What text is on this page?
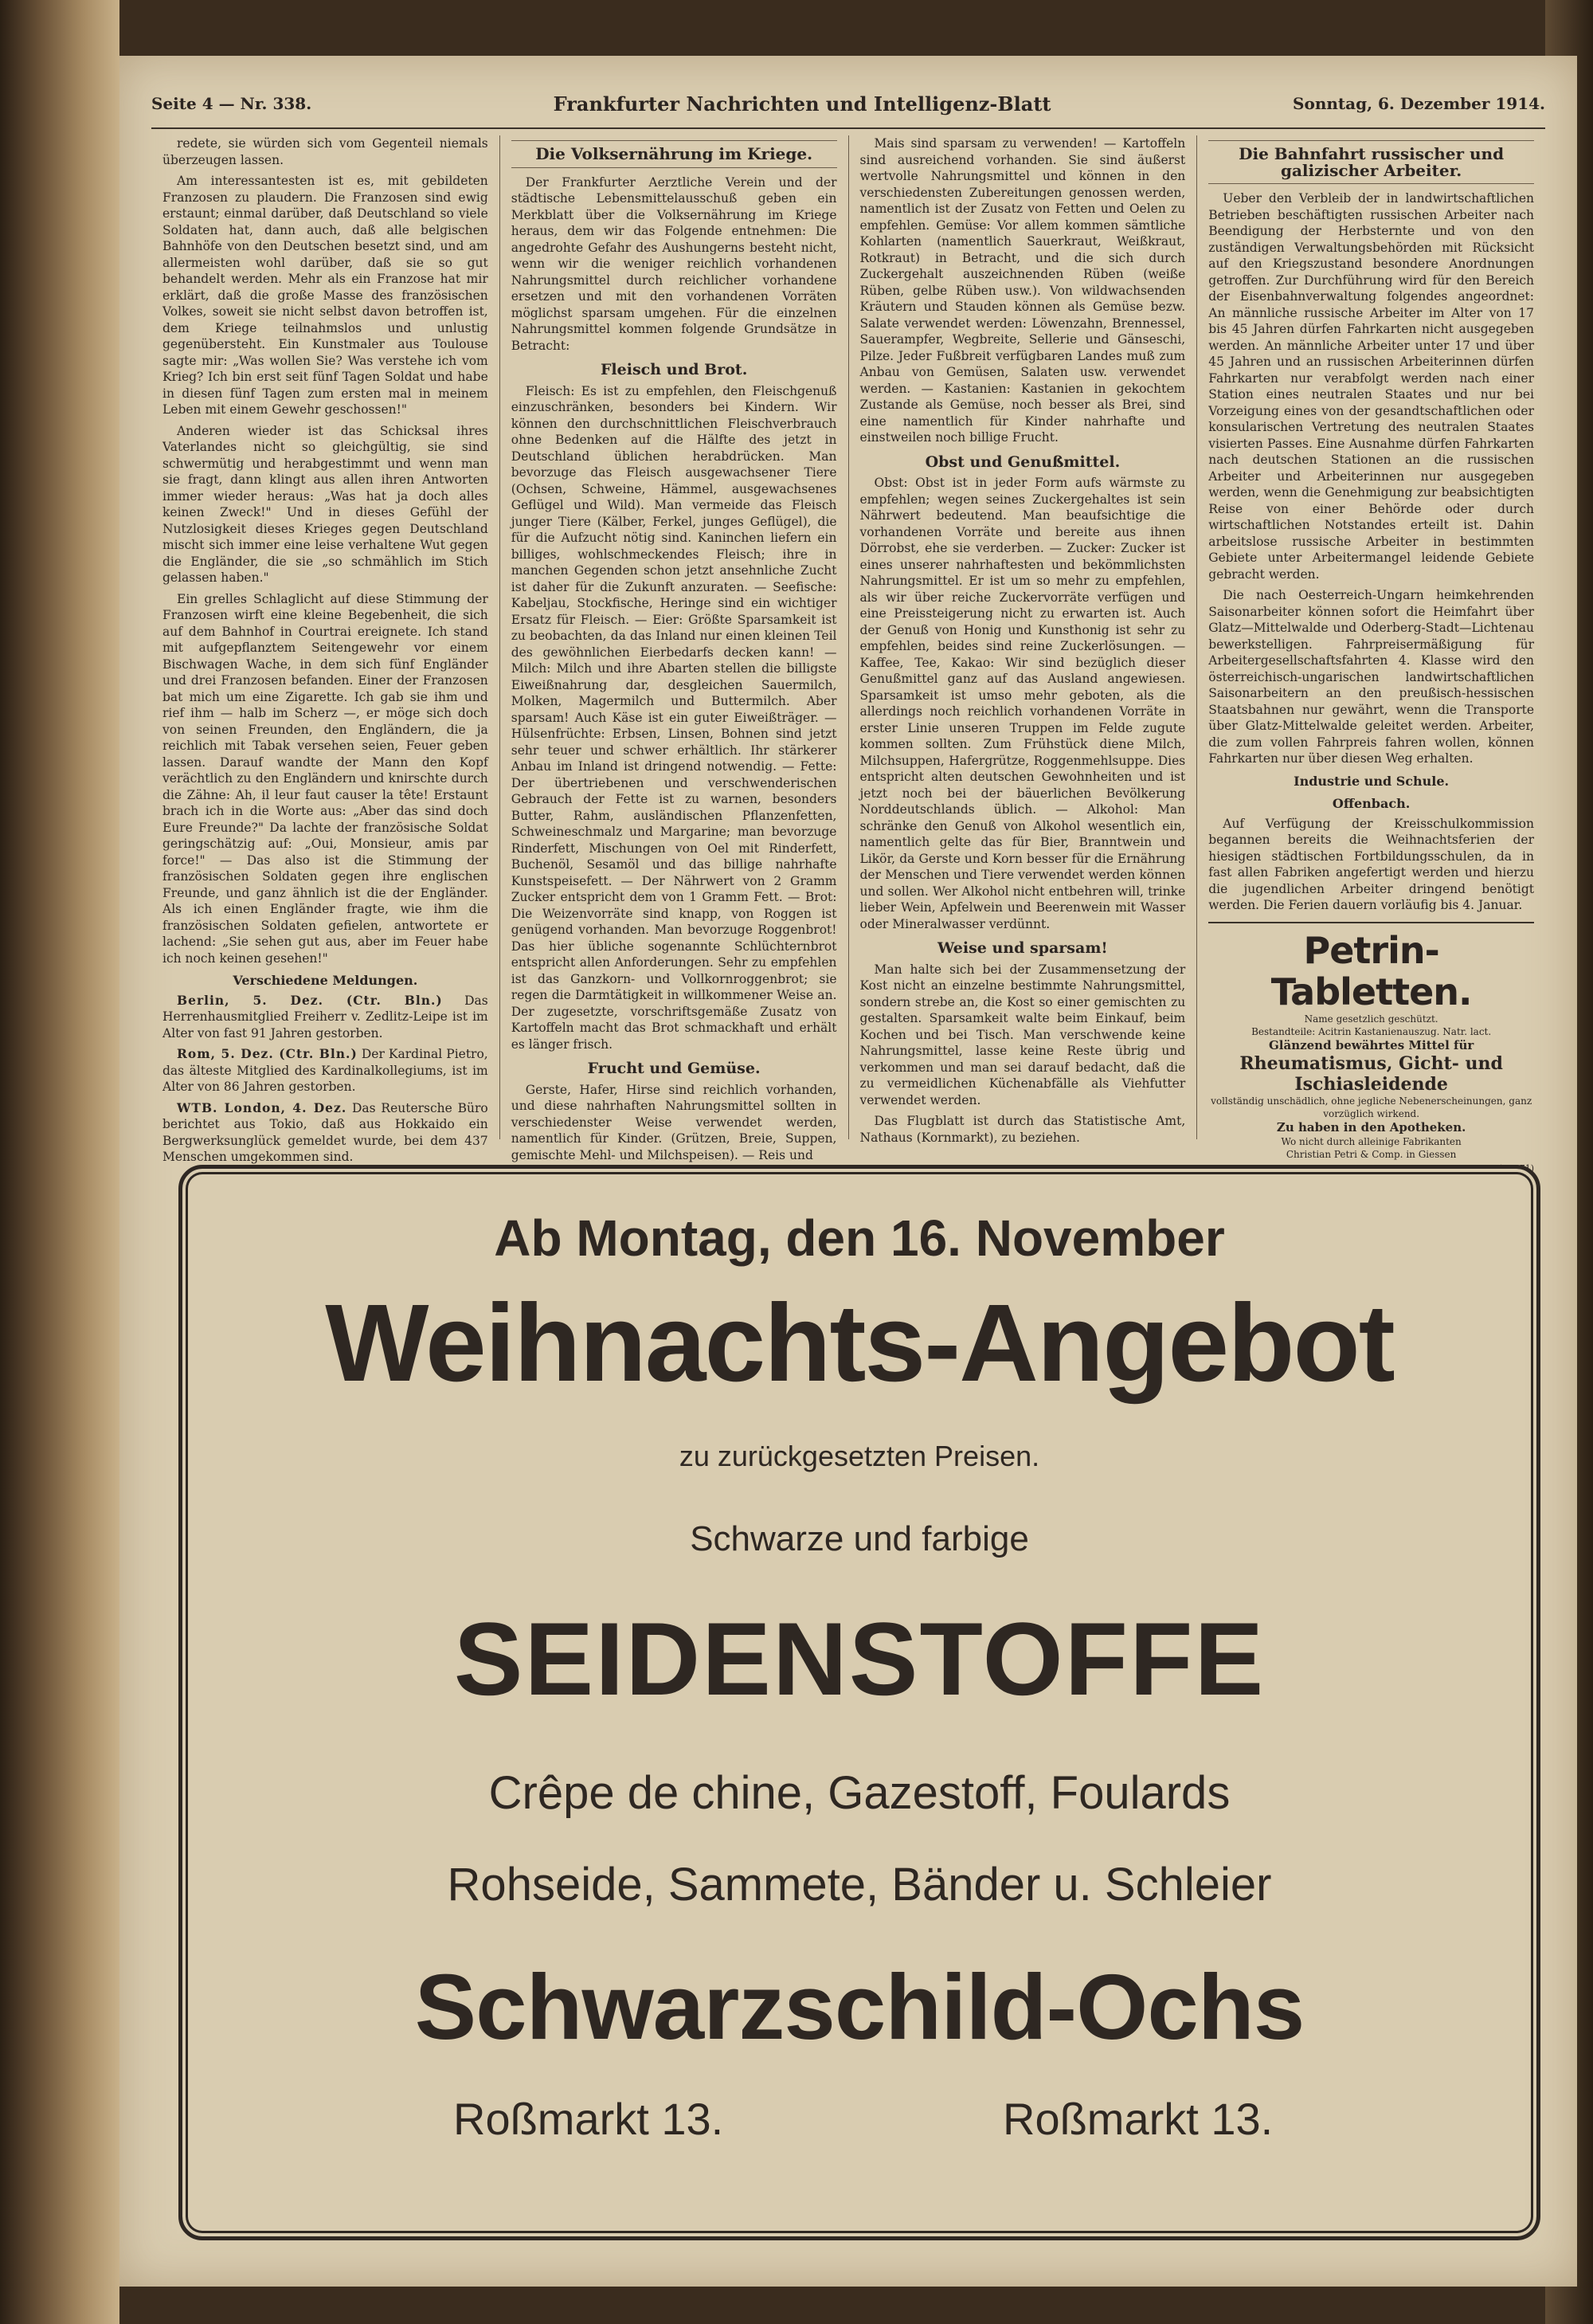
Seite 4 — Nr. 338.	Frankfurter Nachrichten und Intelligenz-Blatt	Sonntag, 6. Dezember 1914.

redete, sie würden sich vom Gegenteil niemals überzeugen lassen.

Am interessantesten ist es, mit gebildeten Franzosen zu plaudern. Die Franzosen sind ewig erstaunt; einmal darüber, daß Deutschland so viele Soldaten hat, dann auch, daß alle belgischen Bahnhöfe von den Deutschen besetzt sind, und am allermeisten wohl darüber, daß sie so gut behandelt werden. Mehr als ein Franzose hat mir erklärt, daß die große Masse des französischen Volkes, soweit sie nicht selbst davon betroffen ist, dem Kriege teilnahmslos und unlustig gegenübersteht. Ein Kunstmaler aus Toulouse sagte mir: „Was wollen Sie? Was verstehe ich vom Krieg? Ich bin erst seit fünf Tagen Soldat und habe in diesen fünf Tagen zum ersten mal in meinem Leben mit einem Gewehr geschossen!"

Anderen wieder ist das Schicksal ihres Vaterlandes nicht so gleichgültig, sie sind schwermütig und herabgestimmt und wenn man sie fragt, dann klingt aus allen ihren Antworten immer wieder heraus: „Was hat ja doch alles keinen Zweck!" Und in dieses Gefühl der Nutzlosigkeit dieses Krieges gegen Deutschland mischt sich immer eine leise verhaltene Wut gegen die Engländer, die sie „so schmählich im Stich gelassen haben."

Ein grelles Schlaglicht auf diese Stimmung der Franzosen wirft eine kleine Begebenheit, die sich auf dem Bahnhof in Courtrai ereignete. Ich stand mit aufgepflanztem Seitengewehr vor einem Bischwagen Wache, in dem sich fünf Engländer und drei Franzosen befanden. Einer der Franzosen bat mich um eine Zigarette. Ich gab sie ihm und rief ihm — halb im Scherz —, er möge sich doch von seinen Freunden, den Engländern, die ja reichlich mit Tabak versehen seien, Feuer geben lassen. Darauf wandte der Mann den Kopf verächtlich zu den Engländern und knirschte durch die Zähne: Ah, il leur faut causer la tête! Erstaunt brach ich in die Worte aus: „Aber das sind doch Eure Freunde?" Da lachte der französische Soldat geringschätzig auf: „Oui, Monsieur, amis par force!" — Das also ist die Stimmung der französischen Soldaten gegen ihre englischen Freunde, und ganz ähnlich ist die der Engländer. Als ich einen Engländer fragte, wie ihm die französischen Soldaten gefielen, antwortete er lachend: „Sie sehen gut aus, aber im Feuer habe ich noch keinen gesehen!"

Verschiedene Meldungen.
Berlin, 5. Dez. (Ctr. Bln.) Das Herrenhausmitglied Freiherr v. Zedlitz-Leipe ist im Alter von fast 91 Jahren gestorben.
Rom, 5. Dez. (Ctr. Bln.) Der Kardinal Pietro, das älteste Mitglied des Kardinalkollegiums, ist im Alter von 86 Jahren gestorben.
WTB. London, 4. Dez. Das Reutersche Büro berichtet aus Tokio, daß aus Hokkaido ein Bergwerksunglück gemeldet wurde, bei dem 437 Menschen umgekommen sind.
Die Volksernährung im Kriege.

Der Frankfurter Aerztliche Verein und der städtische Lebensmittelausschuß geben ein Merkblatt über die Volksernährung im Kriege heraus, dem wir das Folgende entnehmen: Die angedrohte Gefahr des Aushungerns besteht nicht, wenn wir die weniger reichlich vorhandenen Nahrungsmittel durch reichlicher vorhandene ersetzen und mit den vorhandenen Vorräten möglichst sparsam umgehen. Für die einzelnen Nahrungsmittel kommen folgende Grundsätze in Betracht:

Fleisch und Brot.

Fleisch: Es ist zu empfehlen, den Fleischgenuß einzuschränken, besonders bei Kindern. Wir können den durchschnittlichen Fleischverbrauch ohne Bedenken auf die Hälfte des jetzt in Deutschland üblichen herabdrücken. Man bevorzuge das Fleisch ausgewachsener Tiere (Ochsen, Schweine, Hämmel, ausgewachsenes Geflügel und Wild). Man vermeide das Fleisch junger Tiere (Kälber, Ferkel, junges Geflügel), die für die Aufzucht nötig sind. Kaninchen liefern ein billiges, wohlschmeckendes Fleisch; ihre in manchen Gegenden schon jetzt ansehnliche Zucht ist daher für die Zukunft anzuraten. — Seefische: Kabeljau, Stockfische, Heringe sind ein wichtiger Ersatz für Fleisch. — Eier: Größte Sparsamkeit ist zu beobachten, da das Inland nur einen kleinen Teil des gewöhnlichen Eierbedarfs decken kann! — Milch: Milch und ihre Abarten stellen die billigste Eiweißnahrung dar, desgleichen Sauermilch, Molken, Magermilch und Buttermilch. Aber sparsam! Auch Käse ist ein guter Eiweißträger. — Hülsenfrüchte: Erbsen, Linsen, Bohnen sind jetzt sehr teuer und schwer erhältlich. Ihr stärkerer Anbau im Inland ist dringend notwendig. — Fette: Der übertriebenen und verschwenderischen Gebrauch der Fette ist zu warnen, besonders Butter, Rahm, ausländischen Pflanzenfetten, Schweineschmalz und Margarine; man bevorzuge Rinderfett, Mischungen von Oel mit Rinderfett, Buchenöl, Sesamöl und das billige nahrhafte Kunstspeisefett. — Der Nährwert von 2 Gramm Zucker entspricht dem von 1 Gramm Fett. — Brot: Die Weizenvorräte sind knapp, von Roggen ist genügend vorhanden. Man bevorzuge Roggenbrot! Das hier übliche sogenannte Schlüchternbrot entspricht allen Anforderungen. Sehr zu empfehlen ist das Ganzkorn- und Vollkornroggenbrot; sie regen die Darmtätigkeit in willkommener Weise an. Der zugesetzte, vorschriftsgemäße Zusatz von Kartoffeln macht das Brot schmackhaft und erhält es länger frisch.

Frucht und Gemüse.

Gerste, Hafer, Hirse sind reichlich vorhanden, und diese nahrhaften Nahrungsmittel sollten in verschiedenster Weise verwendet werden, namentlich für Kinder. (Grützen, Breie, Suppen, gemischte Mehl- und Milchspeisen). — Reis und

Mais sind sparsam zu verwenden! — Kartoffeln sind ausreichend vorhanden. Sie sind äußerst wertvolle Nahrungsmittel und können in den verschiedensten Zubereitungen genossen werden, namentlich ist der Zusatz von Fetten und Oelen zu empfehlen. Gemüse: Vor allem kommen sämtliche Kohlarten (namentlich Sauerkraut, Weißkraut, Rotkraut) in Betracht, und die sich durch Zuckergehalt auszeichnenden Rüben (weiße Rüben, gelbe Rüben usw.). Von wildwachsenden Kräutern und Stauden können als Gemüse bezw. Salate verwendet werden: Löwenzahn, Brennessel, Sauerampfer, Wegbreite, Sellerie und Gänseschi, Pilze. Jeder Fußbreit verfügbaren Landes muß zum Anbau von Gemüsen, Salaten usw. verwendet werden. — Kastanien: Kastanien in gekochtem Zustande als Gemüse, noch besser als Brei, sind eine namentlich für Kinder nahrhafte und einstweilen noch billige Frucht.

Obst und Genußmittel.

Obst: Obst ist in jeder Form aufs wärmste zu empfehlen; wegen seines Zuckergehaltes ist sein Nährwert bedeutend. Man beaufsichtige die vorhandenen Vorräte und bereite aus ihnen Dörrobst, ehe sie verderben. — Zucker: Zucker ist eines unserer nahrhaftesten und bekömmlichsten Nahrungsmittel. Er ist um so mehr zu empfehlen, als wir über reiche Zuckervorräte verfügen und eine Preissteigerung nicht zu erwarten ist. Auch der Genuß von Honig und Kunsthonig ist sehr zu empfehlen, beides sind reine Zuckerlösungen. — Kaffee, Tee, Kakao: Wir sind bezüglich dieser Genußmittel ganz auf das Ausland angewiesen. Sparsamkeit ist umso mehr geboten, als die allerdings noch reichlich vorhandenen Vorräte in erster Linie unseren Truppen im Felde zugute kommen sollten. Zum Frühstück diene Milch, Milchsuppen, Hafergrütze, Roggenmehlsuppe. Dies entspricht alten deutschen Gewohnheiten und ist jetzt noch bei der bäuerlichen Bevölkerung Norddeutschlands üblich. — Alkohol: Man schränke den Genuß von Alkohol wesentlich ein, namentlich gelte das für Bier, Branntwein und Likör, da Gerste und Korn besser für die Ernährung der Menschen und Tiere verwendet werden können und sollen. Wer Alkohol nicht entbehren will, trinke lieber Wein, Apfelwein und Beerenwein mit Wasser oder Mineralwasser verdünnt.

Weise und sparsam!

Man halte sich bei der Zusammensetzung der Kost nicht an einzelne bestimmte Nahrungsmittel, sondern strebe an, die Kost so einer gemischten zu gestalten. Sparsamkeit walte beim Einkauf, beim Kochen und bei Tisch. Man verschwende keine Nahrungsmittel, lasse keine Reste übrig und verkommen und man sei darauf bedacht, daß die zu vermeidlichen Küchenabfälle als Viehfutter verwendet werden.

Das Flugblatt ist durch das Statistische Amt, Nathaus (Kornmarkt), zu beziehen.

Die Bahnfahrt russischer und galizischer Arbeiter.

Ueber den Verbleib der in landwirtschaftlichen Betrieben beschäftigten russischen Arbeiter nach Beendigung der Herbsternte und von den zuständigen Verwaltungsbehörden mit Rücksicht auf den Kriegszustand besondere Anordnungen getroffen. Zur Durchführung wird für den Bereich der Eisenbahnverwaltung folgendes angeordnet: An männliche russische Arbeiter im Alter von 17 bis 45 Jahren dürfen Fahrkarten nicht ausgegeben werden. An männliche Arbeiter unter 17 und über 45 Jahren und an russischen Arbeiterinnen dürfen Fahrkarten nur verabfolgt werden nach einer Station eines neutralen Staates und nur bei Vorzeigung eines von der gesandtschaftlichen oder konsularischen Vertretung des neutralen Staates visierten Passes. Eine Ausnahme dürfen Fahrkarten nach deutschen Stationen an die russischen Arbeiter und Arbeiterinnen nur ausgegeben werden, wenn die Genehmigung zur beabsichtigten Reise von einer Behörde oder durch wirtschaftlichen Notstandes erteilt ist. Dahin arbeitslose russische Arbeiter in bestimmten Gebiete unter Arbeitermangel leidende Gebiete gebracht werden.

Die nach Oesterreich-Ungarn heimkehrenden Saisonarbeiter können sofort die Heimfahrt über Glatz—Mittelwalde und Oderberg-Stadt—Lichtenau bewerkstelligen. Fahrpreisermäßigung für Arbeitergesellschaftsfahrten 4. Klasse wird den österreichisch-ungarischen landwirtschaftlichen Saisonarbeitern an den preußisch-hessischen Staatsbahnen nur gewährt, wenn die Transporte über Glatz-Mittelwalde geleitet werden. Arbeiter, die zum vollen Fahrpreis fahren wollen, können Fahrkarten nur über diesen Weg erhalten.

Industrie und Schule.
Offenbach.

Auf Verfügung der Kreisschulkommission begannen bereits die Weihnachtsferien der hiesigen städtischen Fortbildungsschulen, da in fast allen Fabriken angefertigt werden und hierzu die jugendlichen Arbeiter dringend benötigt werden. Die Ferien dauern vorläufig bis 4. Januar.

Petrin-Tabletten.
Name gesetzlich geschützt.
Bestandteile: Acitrin Kastanienauszug. Natr. lact.
Glänzend bewährtes Mittel für
Rheumatismus, Gicht- und Ischiasleidende
vollständig unschädlich, ohne jegliche Nebenerscheinungen, ganz vorzüglich wirkend.
Zu haben in den Apotheken.
Wo nicht durch alleinige Fabrikanten
Christian Petri & Comp. in Giessen
(A6671)
Ab Montag, den 16. November
Weihnachts-Angebot
zu zurückgesetzten Preisen.
Schwarze und farbige
SEIDENSTOFFE
Crêpe de chine, Gazestoff, Foulards
Rohseide, Sammete, Bänder u. Schleier
Schwarzschild-Ochs
Roßmarkt 13.	Roßmarkt 13.
